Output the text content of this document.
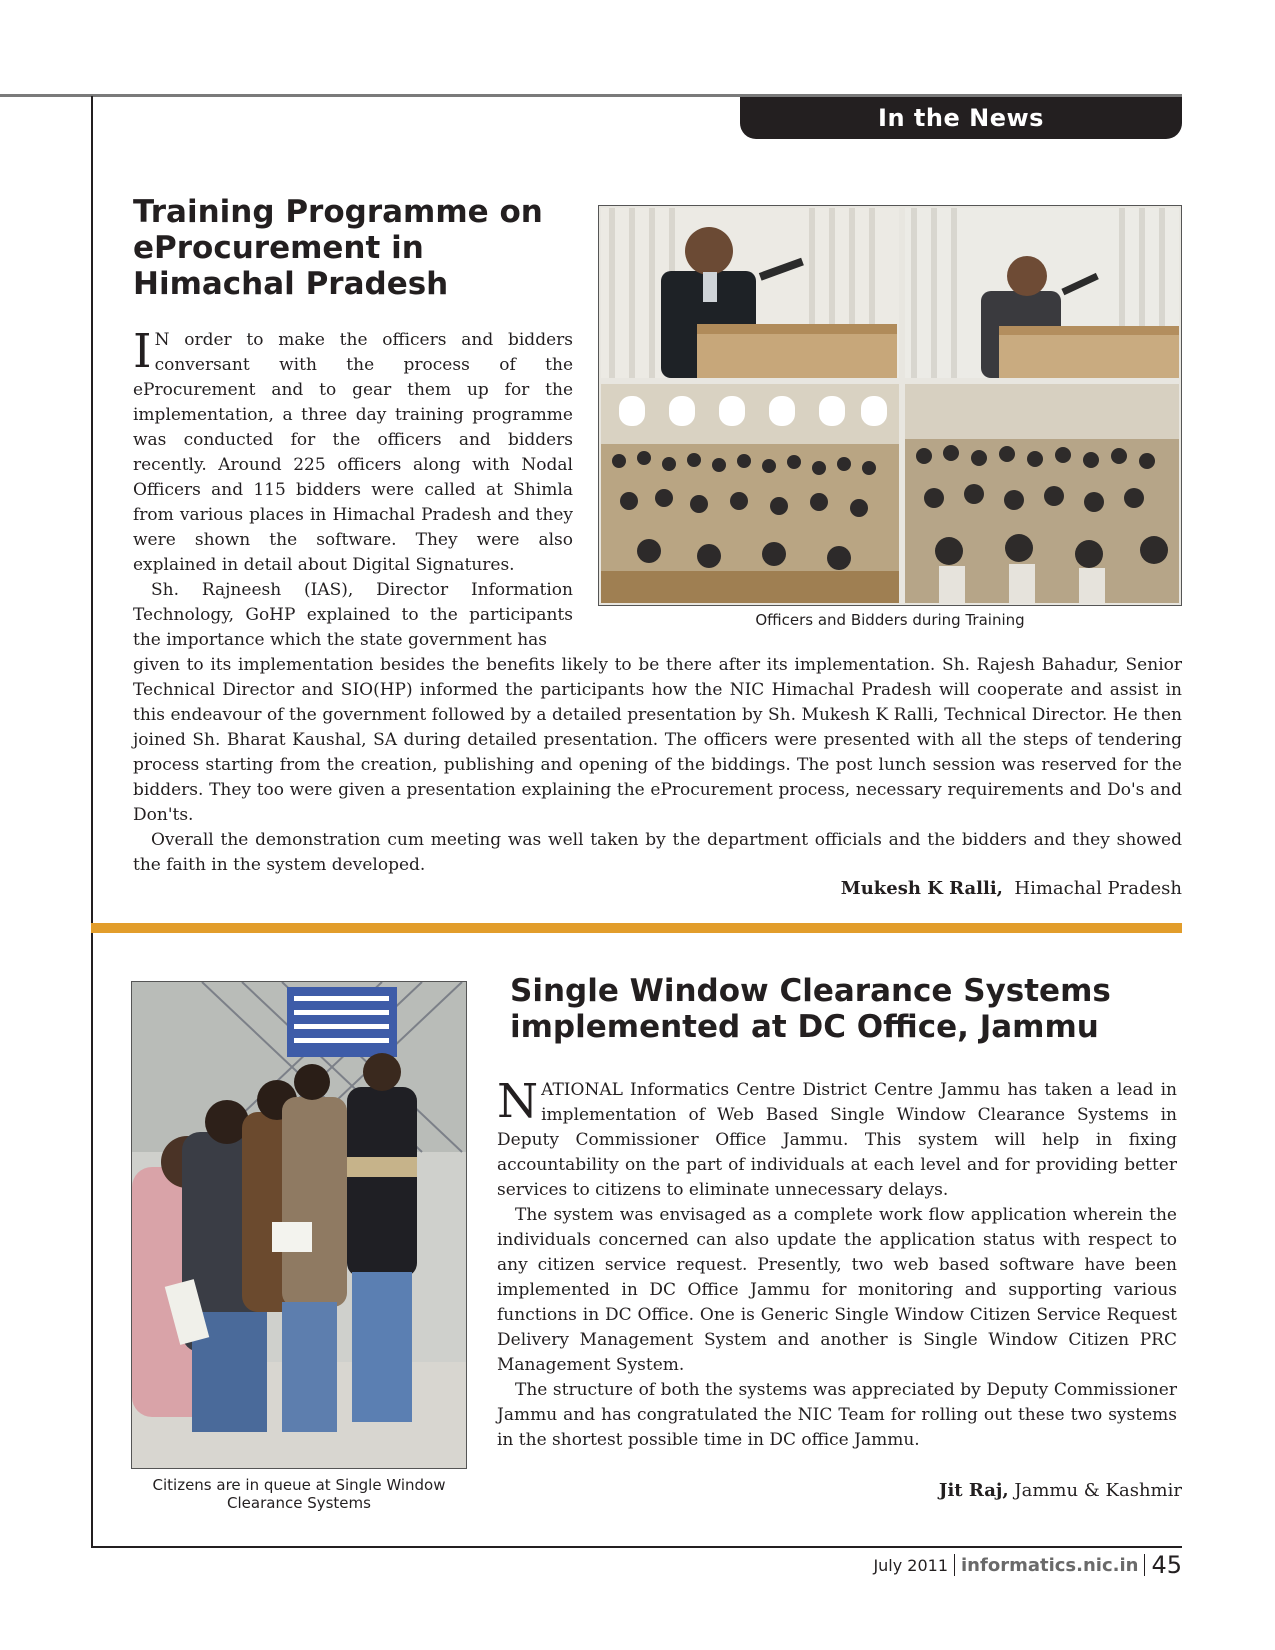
In the News
Training Programme on
eProcurement in
Himachal Pradesh

I N order to make the officers and bidders conversant with the process of the eProcurement and to gear them up for the implementation, a three day training programme was conducted for the officers and bidders recently. Around 225 officers along with Nodal Officers and 115 bidders were called at Shimla from various places in Himachal Pradesh and they were shown the software. They were also explained in detail about Digital Signatures.

Sh. Rajneesh (IAS), Director Information Technology, GoHP explained to the participants the importance which the state government has

Officers and Bidders during Training

given to its implementation besides the benefits likely to be there after its implementation. Sh. Rajesh Bahadur, Senior Technical Director and SIO(HP) informed the participants how the NIC Himachal Pradesh will cooperate and assist in this endeavour of the government followed by a detailed presentation by Sh. Mukesh K Ralli, Technical Director. He then joined Sh. Bharat Kaushal, SA during detailed presentation. The officers were presented with all the steps of tendering process starting from the creation, publishing and opening of the biddings. The post lunch session was reserved for the bidders. They too were given a presentation explaining the eProcurement process, necessary requirements and Do's and Don'ts.

Overall the demonstration cum meeting was well taken by the department officials and the bidders and they showed the faith in the system developed.

Mukesh K Ralli, Himachal Pradesh
Citizens are in queue at Single Window Clearance Systems
Single Window Clearance Systems
implemented at DC Office, Jammu

NATIONAL Informatics Centre District Centre Jammu has taken a lead in implementation of Web Based Single Window Clearance Systems in Deputy Commissioner Office Jammu. This system will help in fixing accountability on the part of individuals at each level and for providing better services to citizens to eliminate unnecessary delays.

The system was envisaged as a complete work flow application wherein the individuals concerned can also update the application status with respect to any citizen service request. Presently, two web based software have been implemented in DC Office Jammu for monitoring and supporting various functions in DC Office. One is Generic Single Window Citizen Service Request Delivery Management System and another is Single Window Citizen PRC Management System.

The structure of both the systems was appreciated by Deputy Commissioner Jammu and has congratulated the NIC Team for rolling out these two systems in the shortest possible time in DC office Jammu.

Jit Raj, Jammu & Kashmir
July 2011 informatics.nic.in 45
